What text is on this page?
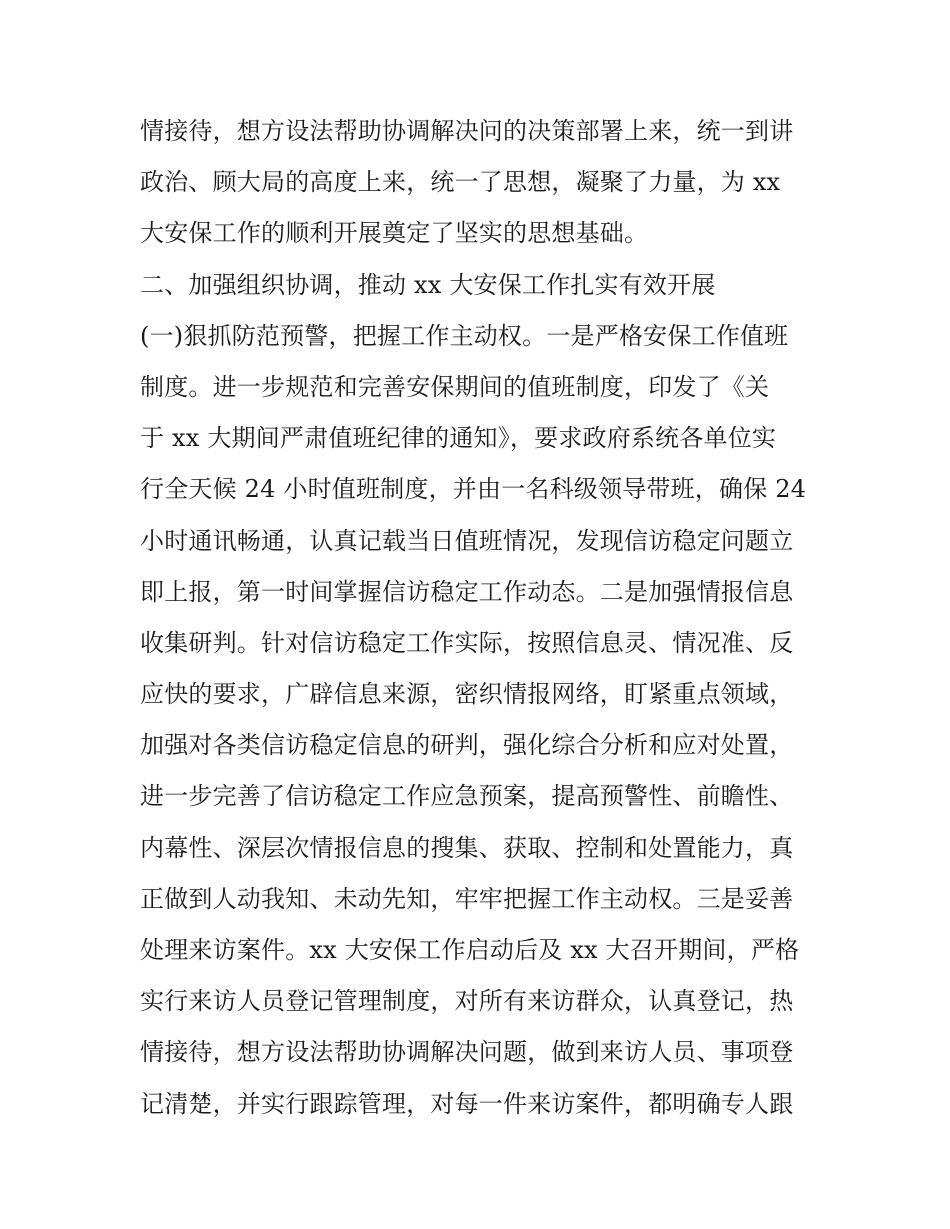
情接待，想方设法帮助协调解决问的决策部署上来，统一到讲
政治、顾大局的高度上来，统一了思想，凝聚了力量，为 xx
大安保工作的顺利开展奠定了坚实的思想基础。
二、加强组织协调，推动 xx 大安保工作扎实有效开展
(一)狠抓防范预警，把握工作主动权。一是严格安保工作值班
制度。进一步规范和完善安保期间的值班制度，印发了《关
于 xx 大期间严肃值班纪律的通知》，要求政府系统各单位实
行全天候 24 小时值班制度，并由一名科级领导带班，确保 24
小时通讯畅通，认真记载当日值班情况，发现信访稳定问题立
即上报，第一时间掌握信访稳定工作动态。二是加强情报信息
收集研判。针对信访稳定工作实际，按照信息灵、情况准、反
应快的要求，广辟信息来源，密织情报网络，盯紧重点领域，
加强对各类信访稳定信息的研判，强化综合分析和应对处置，
进一步完善了信访稳定工作应急预案，提高预警性、前瞻性、
内幕性、深层次情报信息的搜集、获取、控制和处置能力，真
正做到人动我知、未动先知，牢牢把握工作主动权。三是妥善
处理来访案件。xx 大安保工作启动后及 xx 大召开期间，严格
实行来访人员登记管理制度，对所有来访群众，认真登记，热
情接待，想方设法帮助协调解决问题，做到来访人员、事项登
记清楚，并实行跟踪管理，对每一件来访案件，都明确专人跟
